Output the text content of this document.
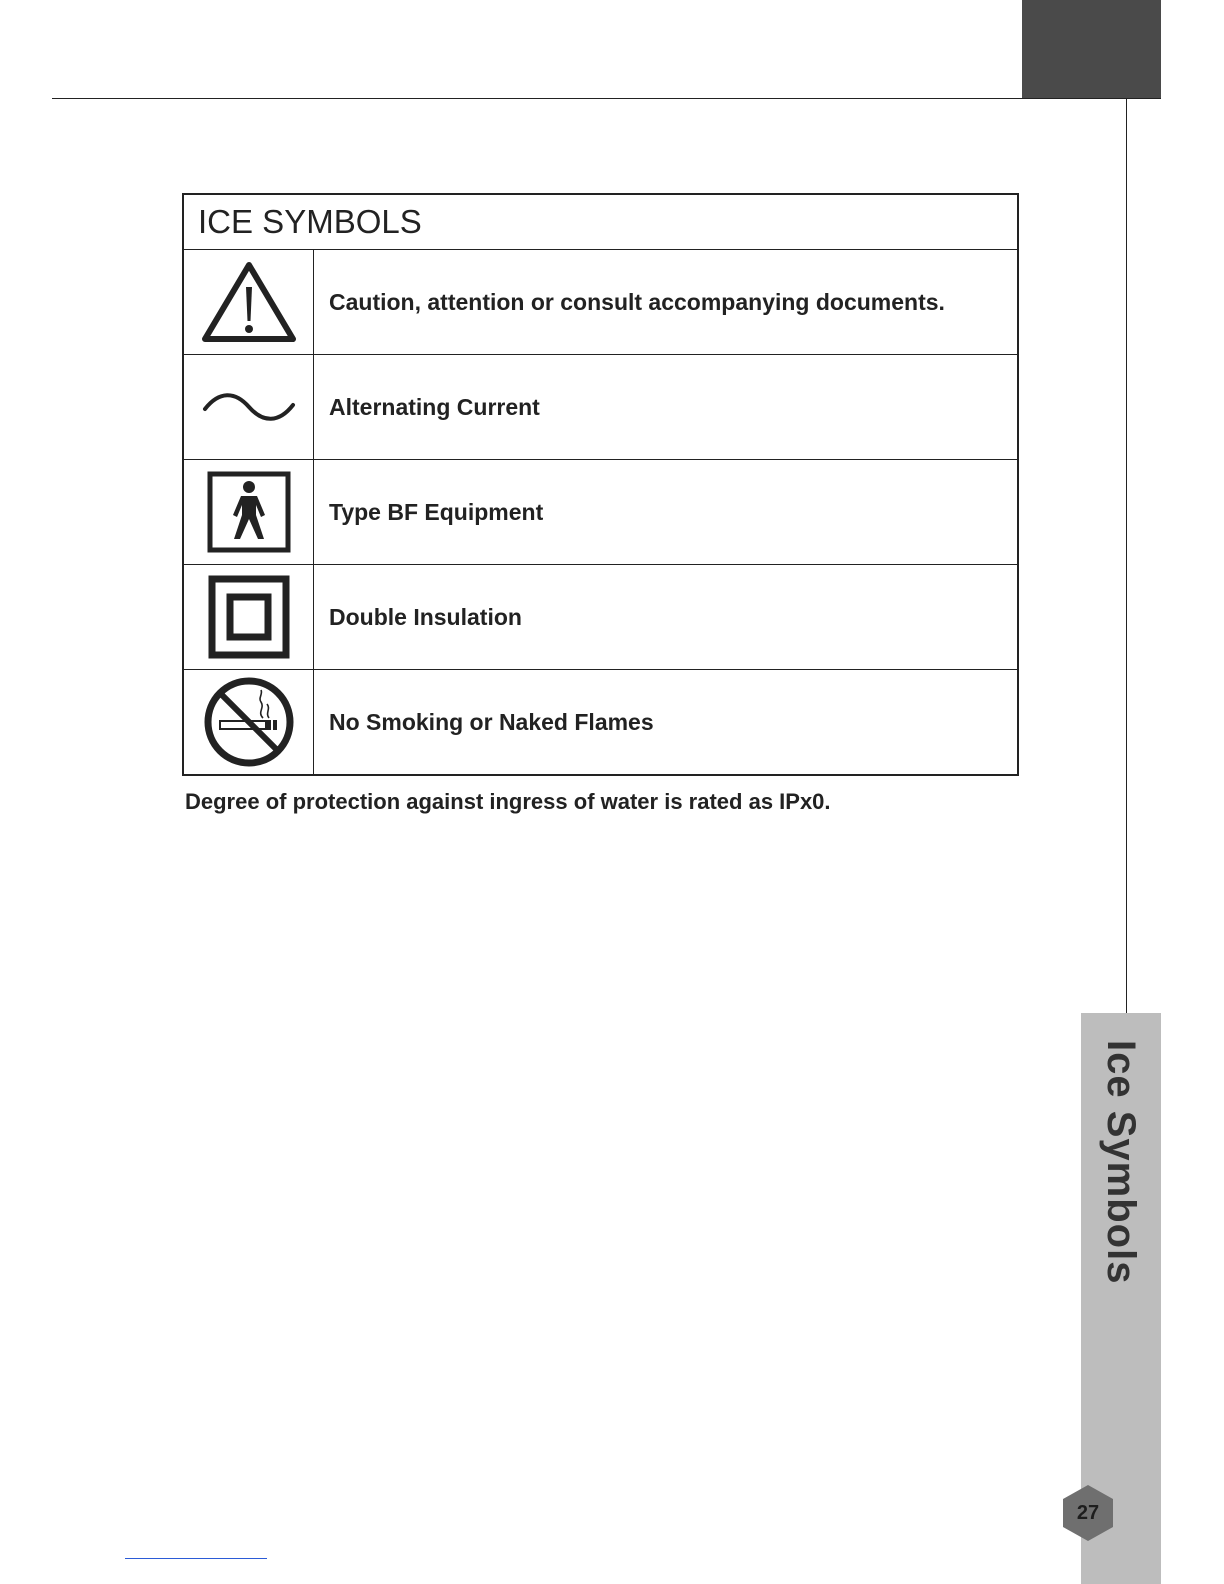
ICE SYMBOLS
Caution, attention or consult accompanying documents.
Alternating Current
Type BF Equipment
Double Insulation
No Smoking or Naked Flames
Degree of protection against ingress of water is rated as IPx0.
Ice Symbols
27
